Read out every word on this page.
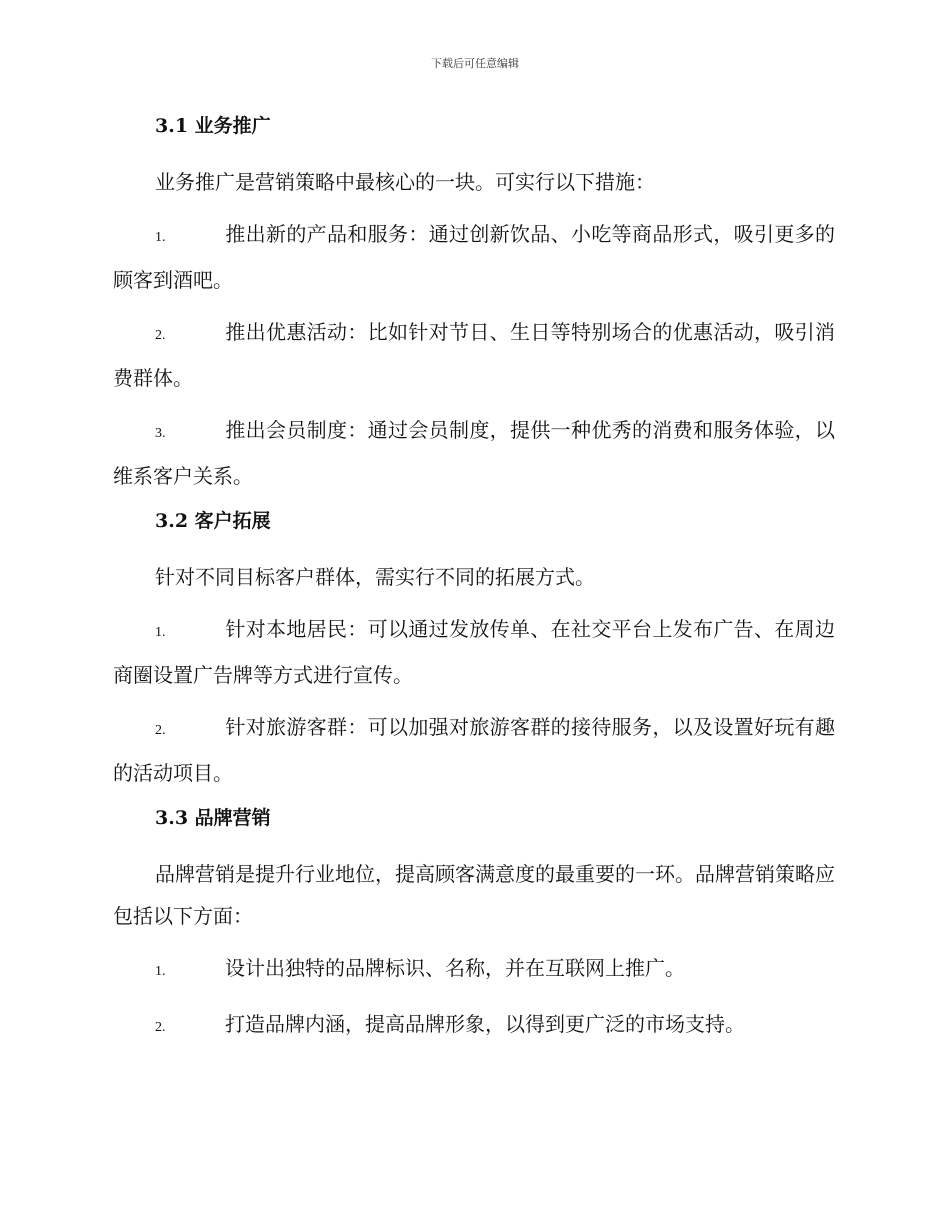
下载后可任意编辑
3.1 业务推广

业务推广是营销策略中最核心的一块。可实行以下措施：

1.	推出新的产品和服务：通过创新饮品、小吃等商品形式，吸引更多的顾客到酒吧。

2.	推出优惠活动：比如针对节日、生日等特别场合的优惠活动，吸引消费群体。

3.	推出会员制度：通过会员制度，提供一种优秀的消费和服务体验，以维系客户关系。

3.2 客户拓展

针对不同目标客户群体，需实行不同的拓展方式。

1.	针对本地居民：可以通过发放传单、在社交平台上发布广告、在周边商圈设置广告牌等方式进行宣传。

2.	针对旅游客群：可以加强对旅游客群的接待服务，以及设置好玩有趣的活动项目。

3.3 品牌营销

品牌营销是提升行业地位，提高顾客满意度的最重要的一环。品牌营销策略应包括以下方面：

1.	设计出独特的品牌标识、名称，并在互联网上推广。

2.	打造品牌内涵，提高品牌形象，以得到更广泛的市场支持。
